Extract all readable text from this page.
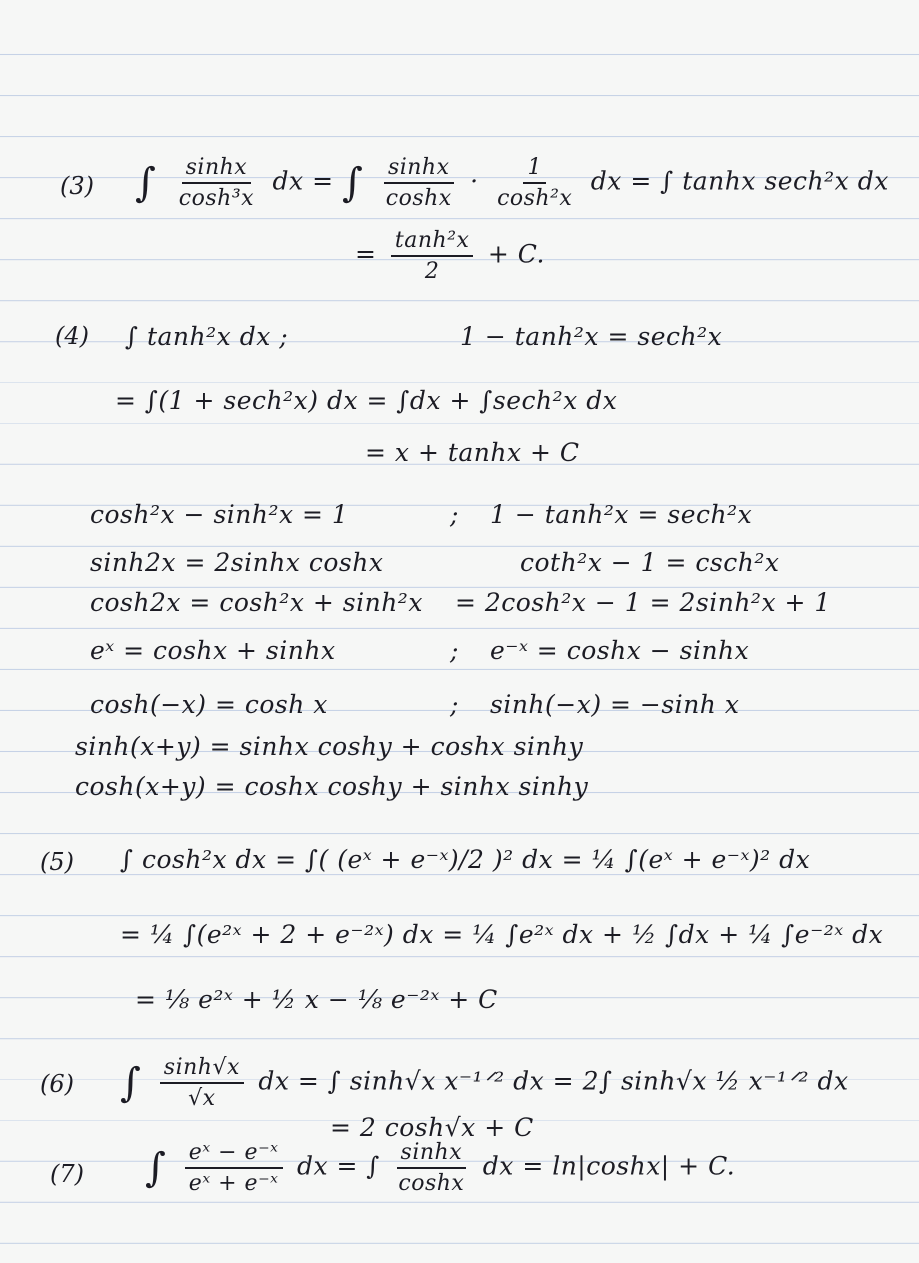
(3) ∫ $\frac{\sinh x}{\text{cosh³x}}$ dx = ∫ $\frac{\sinh x}{\cosh x} \cdot \frac{1}{\text{cosh²x}}$ dx = ∫ tanhx sech²x dx
= $\frac{\text{tanh²x}}{2} + C$.
(4) ∫ tanh²x dx ;	1 − tanh²x = sech²x
= ∫(1 + sech²x) dx = ∫dx + ∫sech²x dx
= x + tanhx + C
cosh²x − sinh²x = 1	; 1 − tanh²x = sech²x
sinh2x = 2sinhx coshx	coth²x − 1 = csch²x
cosh2x = cosh²x + sinh²x = 2cosh²x − 1 = 2sinh²x + 1
eˣ = coshx + sinhx	; e⁻ˣ = coshx − sinhx
cosh(−x) = cosh x	; sinh(−x) = −sinh x
sinh(x+y) = sinhx coshy + coshx sinhy
cosh(x+y) = coshx coshy + sinhx sinhy
(5) ∫ cosh²x dx = ∫( (eˣ + e⁻ˣ)/2 )² dx = ¼ ∫(eˣ + e⁻ˣ)² dx
= ¼ ∫(e²ˣ + 2 + e⁻²ˣ) dx = ¼ ∫e²ˣ dx + ½ ∫dx + ¼ ∫e⁻²ˣ dx
= ⅛ e²ˣ + ½ x − ⅛ e⁻²ˣ + C
(6) ∫ $\frac{\sinh√x}{√x}$ dx = ∫ sinh√x x⁻¹ᐟ² dx = 2∫ sinh√x ½ x⁻¹ᐟ² dx
= 2 cosh√x + C
(7) ∫ $\frac{\text{eˣ − e⁻ˣ}}{\text{eˣ + e⁻ˣ}}$ dx = ∫ $\frac{\sinh x}{\cosh x}$ dx = ln|coshx| + C.
